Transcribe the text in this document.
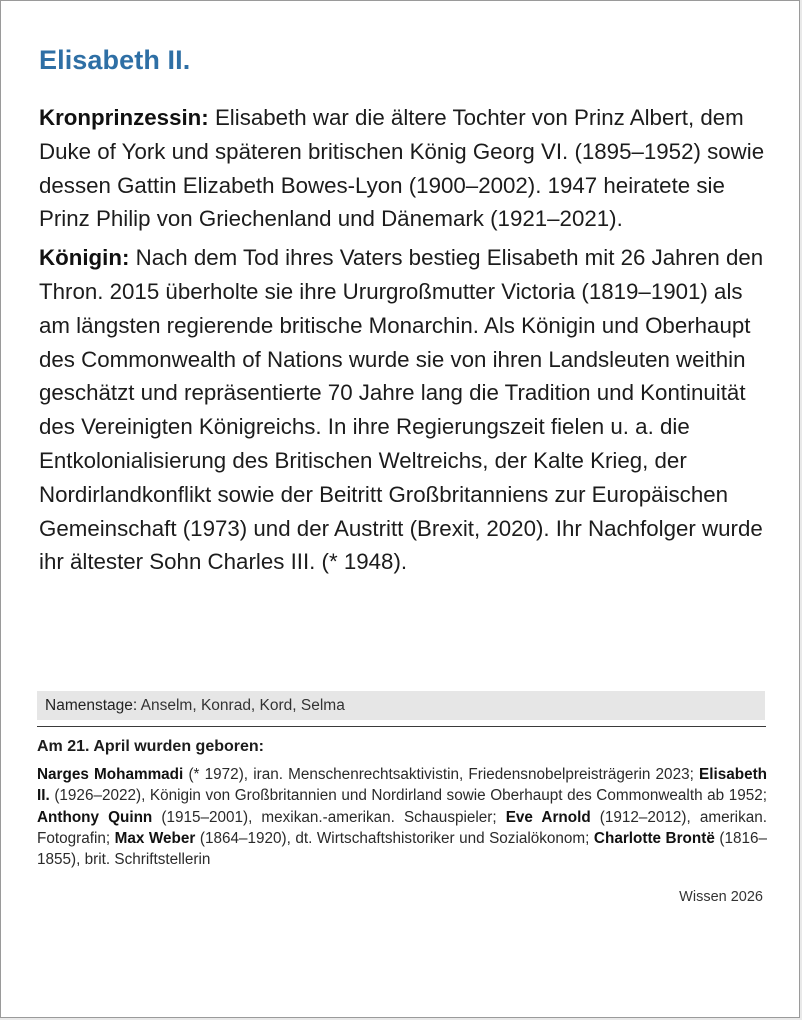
Elisabeth II.

Kronprinzessin: Elisabeth war die ältere Tochter von Prinz Albert, dem Duke of York und späteren britischen König Georg VI. (1895–1952) sowie dessen Gattin Elizabeth Bowes-Lyon (1900–2002). 1947 heiratete sie Prinz Philip von Griechenland und Dänemark (1921–2021).

Königin: Nach dem Tod ihres Vaters bestieg Elisabeth mit 26 Jahren den Thron. 2015 überholte sie ihre Ururgroßmutter Victoria (1819–1901) als am längsten regierende britische Monarchin. Als Königin und Oberhaupt des Commonwealth of Nations wurde sie von ihren Landsleuten weithin geschätzt und repräsentierte 70 Jahre lang die Tradition und Kontinuität des Vereinigten Königreichs. In ihre Regierungszeit fielen u. a. die Entkolonialisierung des Britischen Weltreichs, der Kalte Krieg, der Nordirlandkonflikt sowie der Beitritt Großbritanniens zur Europäischen Gemeinschaft (1973) und der Austritt (Brexit, 2020). Ihr Nachfolger wurde ihr ältester Sohn Charles III. (* 1948).

Namenstage: Anselm, Konrad, Kord, Selma
Am 21. April wurden geboren:

Narges Mohammadi (* 1972), iran. Menschenrechtsaktivistin, Friedensnobelpreisträgerin 2023; Elisabeth II. (1926–2022), Königin von Großbritannien und Nordirland sowie Oberhaupt des Commonwealth ab 1952; Anthony Quinn (1915–2001), mexikan.-amerikan. Schauspieler; Eve Arnold (1912–2012), amerikan. Fotografin; Max Weber (1864–1920), dt. Wirtschaftshistoriker und Sozialökonom; Charlotte Brontë (1816–1855), brit. Schriftstellerin

Wissen 2026
